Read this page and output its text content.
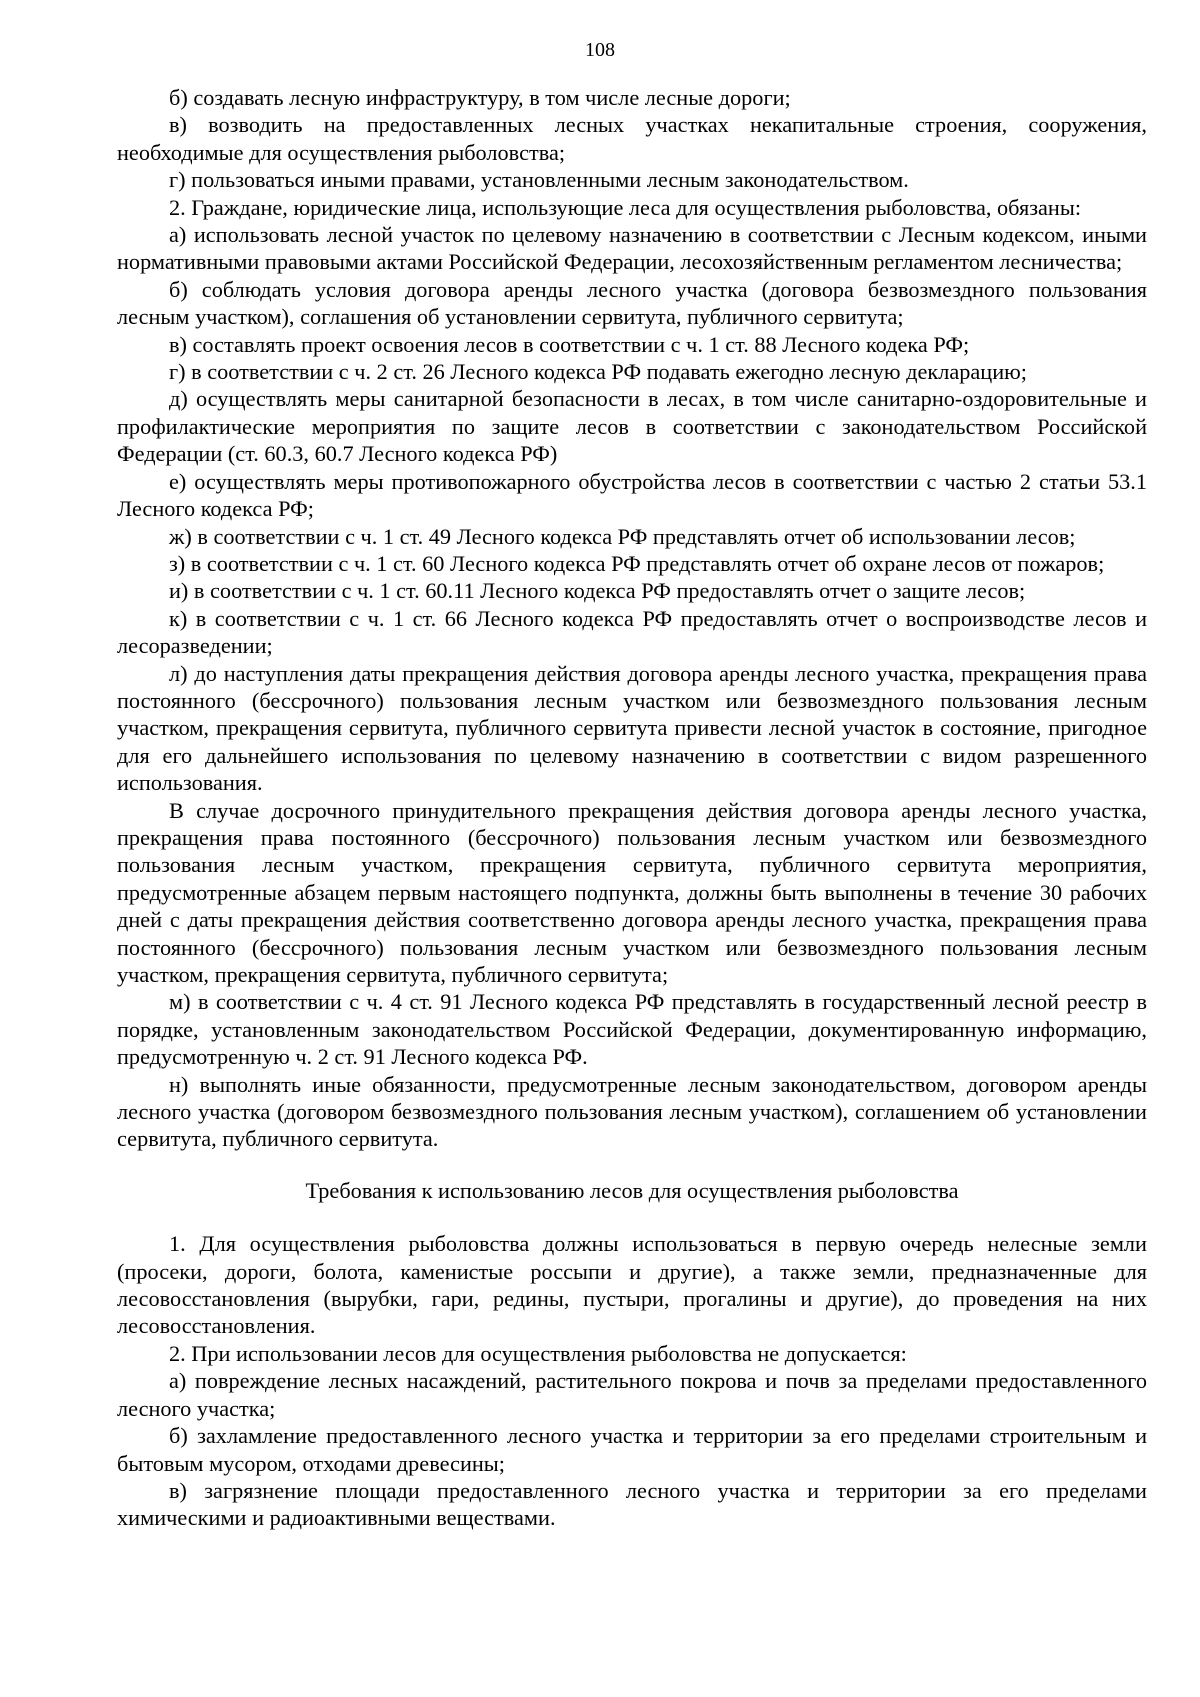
108

б) создавать лесную инфраструктуру, в том числе лесные дороги;

в) возводить на предоставленных лесных участках некапитальные строения, сооружения, необходимые для осуществления рыболовства;

г) пользоваться иными правами, установленными лесным законодательством.

2. Граждане, юридические лица, использующие леса для осуществления рыболовства, обязаны:

а) использовать лесной участок по целевому назначению в соответствии с Лесным кодексом, иными нормативными правовыми актами Российской Федерации, лесохозяйственным регламентом лесничества;

б) соблюдать условия договора аренды лесного участка (договора безвозмездного пользования лесным участком), соглашения об установлении сервитута, публичного сервитута;

в) составлять проект освоения лесов в соответствии с ч. 1 ст. 88 Лесного кодека РФ;

г) в соответствии с ч. 2 ст. 26 Лесного кодекса РФ подавать ежегодно лесную декларацию;

д) осуществлять меры санитарной безопасности в лесах, в том числе санитарно-оздоровительные и профилактические мероприятия по защите лесов в соответствии с законодательством Российской Федерации (ст. 60.3, 60.7 Лесного кодекса РФ)

е) осуществлять меры противопожарного обустройства лесов в соответствии с частью 2 статьи 53.1 Лесного кодекса РФ;

ж) в соответствии с ч. 1 ст. 49 Лесного кодекса РФ представлять отчет об использовании лесов;

з) в соответствии с ч. 1 ст. 60 Лесного кодекса РФ представлять отчет об охране лесов от пожаров;

и) в соответствии с ч. 1 ст. 60.11 Лесного кодекса РФ предоставлять отчет о защите лесов;

к) в соответствии с ч. 1 ст. 66 Лесного кодекса РФ предоставлять отчет о воспроизводстве лесов и лесоразведении;

л) до наступления даты прекращения действия договора аренды лесного участка, прекращения права постоянного (бессрочного) пользования лесным участком или безвозмездного пользования лесным участком, прекращения сервитута, публичного сервитута привести лесной участок в состояние, пригодное для его дальнейшего использования по целевому назначению в соответствии с видом разрешенного использования.

В случае досрочного принудительного прекращения действия договора аренды лесного участка, прекращения права постоянного (бессрочного) пользования лесным участком или безвозмездного пользования лесным участком, прекращения сервитута, публичного сервитута мероприятия, предусмотренные абзацем первым настоящего подпункта, должны быть выполнены в течение 30 рабочих дней с даты прекращения действия соответственно договора аренды лесного участка, прекращения права постоянного (бессрочного) пользования лесным участком или безвозмездного пользования лесным участком, прекращения сервитута, публичного сервитута;

м) в соответствии с ч. 4 ст. 91 Лесного кодекса РФ представлять в государственный лесной реестр в порядке, установленным законодательством Российской Федерации, документированную информацию, предусмотренную ч. 2 ст. 91 Лесного кодекса РФ.

н) выполнять иные обязанности, предусмотренные лесным законодательством, договором аренды лесного участка (договором безвозмездного пользования лесным участком), соглашением об установлении сервитута, публичного сервитута.

Требования к использованию лесов для осуществления рыболовства

1. Для осуществления рыболовства должны использоваться в первую очередь нелесные земли (просеки, дороги, болота, каменистые россыпи и другие), а также земли, предназначенные для лесовосстановления (вырубки, гари, редины, пустыри, прогалины и другие), до проведения на них лесовосстановления.

2. При использовании лесов для осуществления рыболовства не допускается:

а) повреждение лесных насаждений, растительного покрова и почв за пределами предоставленного лесного участка;

б) захламление предоставленного лесного участка и территории за его пределами строительным и бытовым мусором, отходами древесины;

в) загрязнение площади предоставленного лесного участка и территории за его пределами химическими и радиоактивными веществами.
